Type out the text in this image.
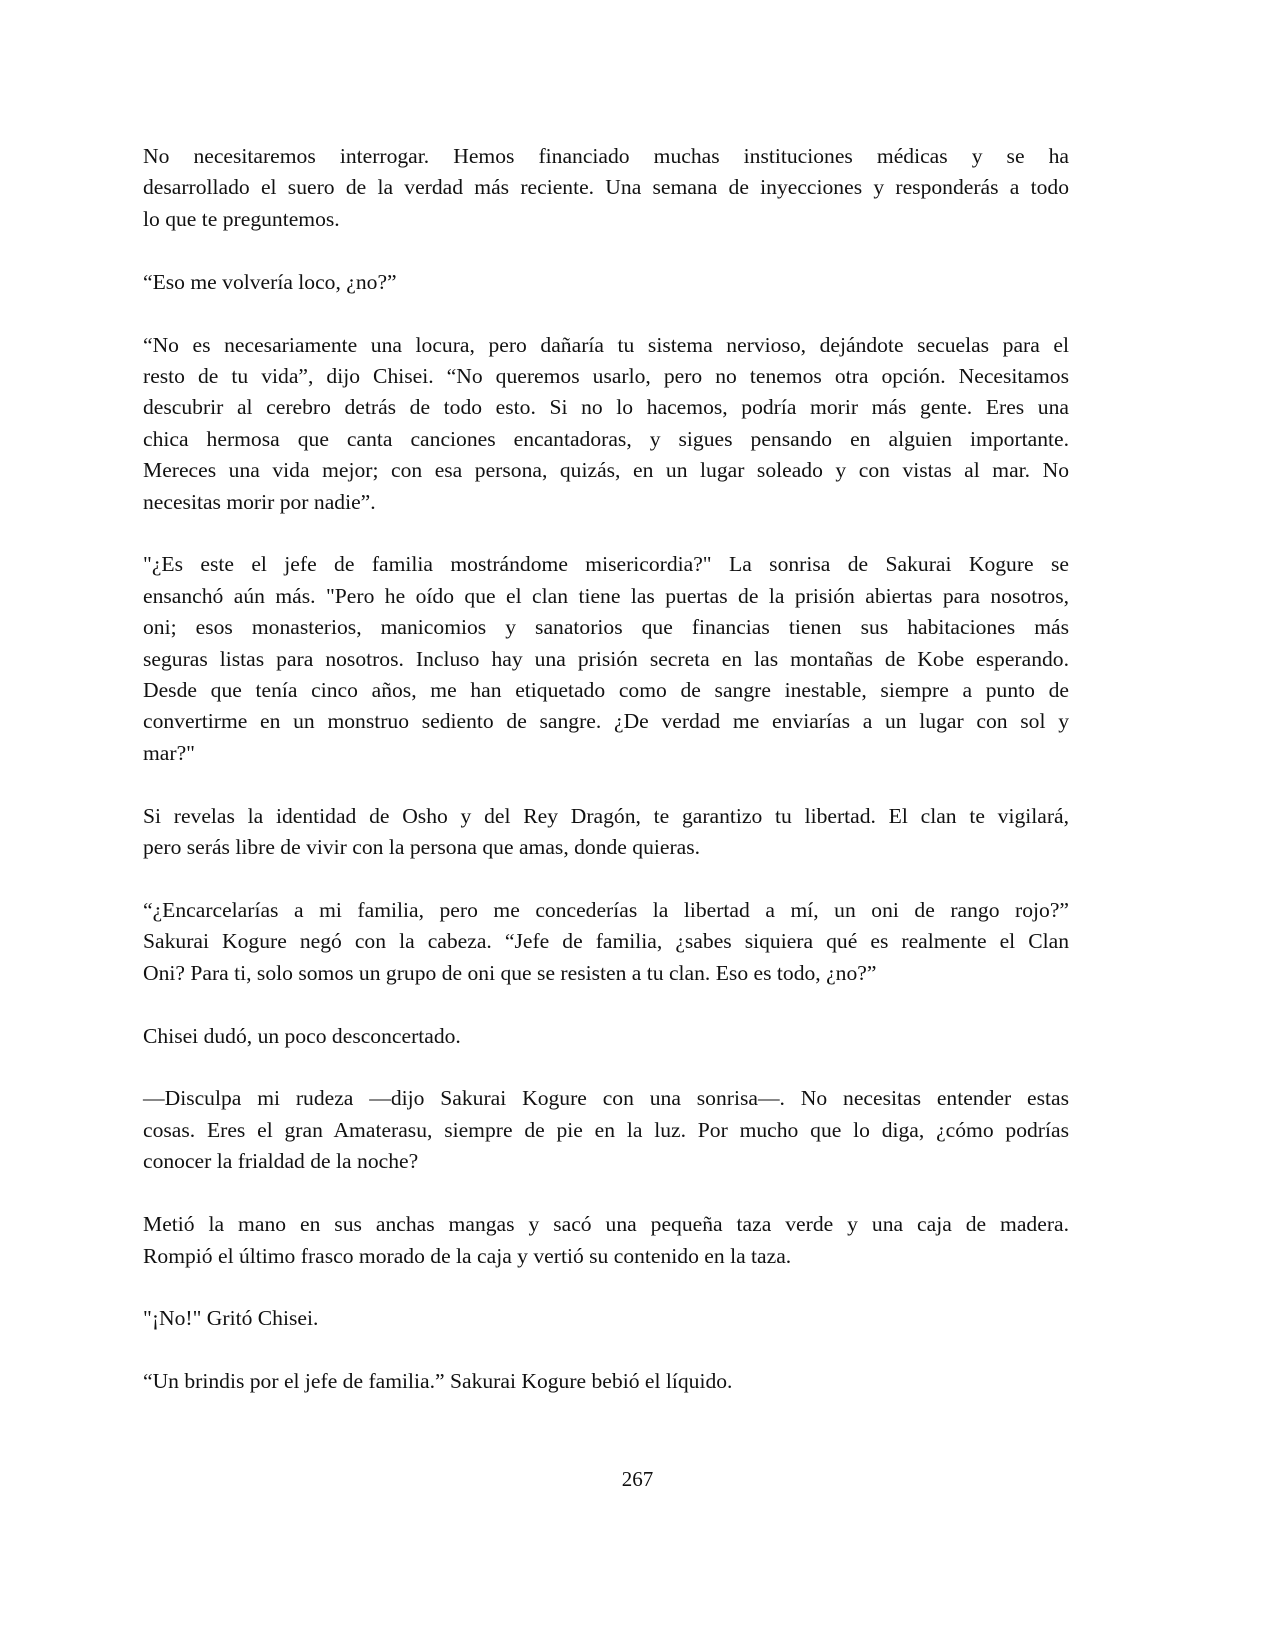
No necesitaremos interrogar. Hemos financiado muchas instituciones médicas y se ha
desarrollado el suero de la verdad más reciente. Una semana de inyecciones y responderás a todo
lo que te preguntemos.
“Eso me volvería loco, ¿no?”
“No es necesariamente una locura, pero dañaría tu sistema nervioso, dejándote secuelas para el
resto de tu vida”, dijo Chisei. “No queremos usarlo, pero no tenemos otra opción. Necesitamos
descubrir al cerebro detrás de todo esto. Si no lo hacemos, podría morir más gente. Eres una
chica hermosa que canta canciones encantadoras, y sigues pensando en alguien importante.
Mereces una vida mejor; con esa persona, quizás, en un lugar soleado y con vistas al mar. No
necesitas morir por nadie”.
"¿Es este el jefe de familia mostrándome misericordia?" La sonrisa de Sakurai Kogure se
ensanchó aún más. "Pero he oído que el clan tiene las puertas de la prisión abiertas para nosotros,
oni; esos monasterios, manicomios y sanatorios que financias tienen sus habitaciones más
seguras listas para nosotros. Incluso hay una prisión secreta en las montañas de Kobe esperando.
Desde que tenía cinco años, me han etiquetado como de sangre inestable, siempre a punto de
convertirme en un monstruo sediento de sangre. ¿De verdad me enviarías a un lugar con sol y
mar?"
Si revelas la identidad de Osho y del Rey Dragón, te garantizo tu libertad. El clan te vigilará,
pero serás libre de vivir con la persona que amas, donde quieras.
“¿Encarcelarías a mi familia, pero me concederías la libertad a mí, un oni de rango rojo?”
Sakurai Kogure negó con la cabeza. “Jefe de familia, ¿sabes siquiera qué es realmente el Clan
Oni? Para ti, solo somos un grupo de oni que se resisten a tu clan. Eso es todo, ¿no?”
Chisei dudó, un poco desconcertado.
—Disculpa mi rudeza —dijo Sakurai Kogure con una sonrisa—. No necesitas entender estas
cosas. Eres el gran Amaterasu, siempre de pie en la luz. Por mucho que lo diga, ¿cómo podrías
conocer la frialdad de la noche?
Metió la mano en sus anchas mangas y sacó una pequeña taza verde y una caja de madera.
Rompió el último frasco morado de la caja y vertió su contenido en la taza.
"¡No!" Gritó Chisei.
“Un brindis por el jefe de familia.” Sakurai Kogure bebió el líquido.
267
